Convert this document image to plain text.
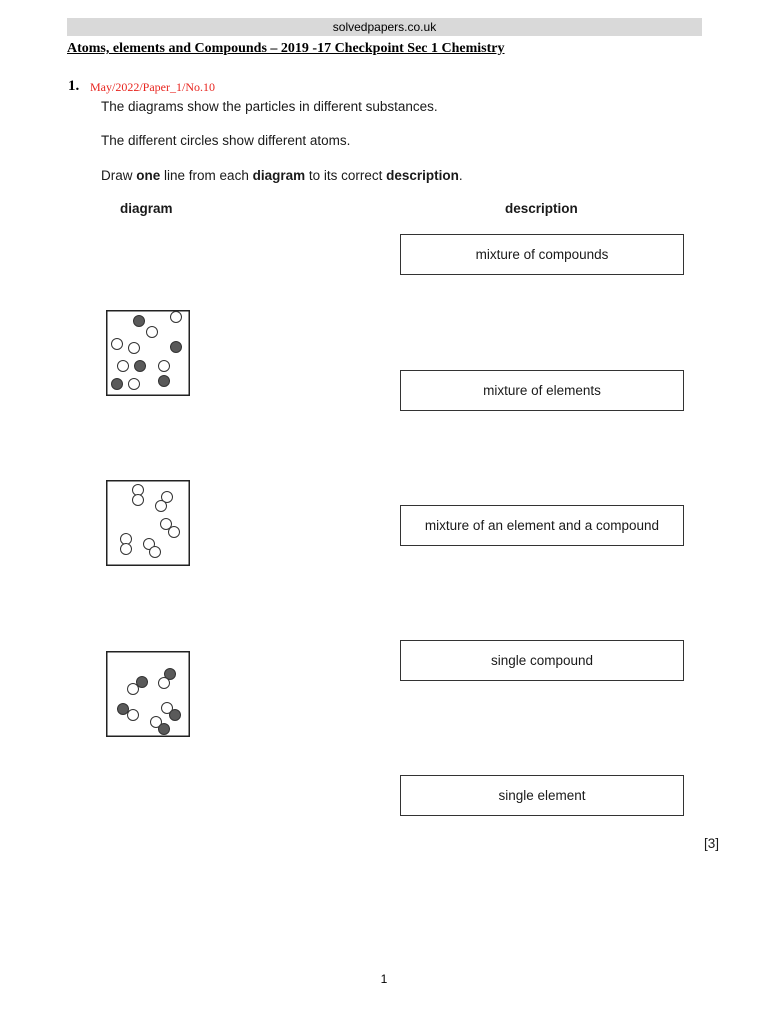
solvedpapers.co.uk
Atoms, elements and Compounds – 2019 -17 Checkpoint Sec 1 Chemistry
1. May/2022/Paper_1/No.10
The diagrams show the particles in different substances.
The different circles show different atoms.
Draw one line from each diagram to its correct description.
diagram	description
mixture of compounds
mixture of elements
mixture of an element and a compound
single compound
single element
[3]
1
